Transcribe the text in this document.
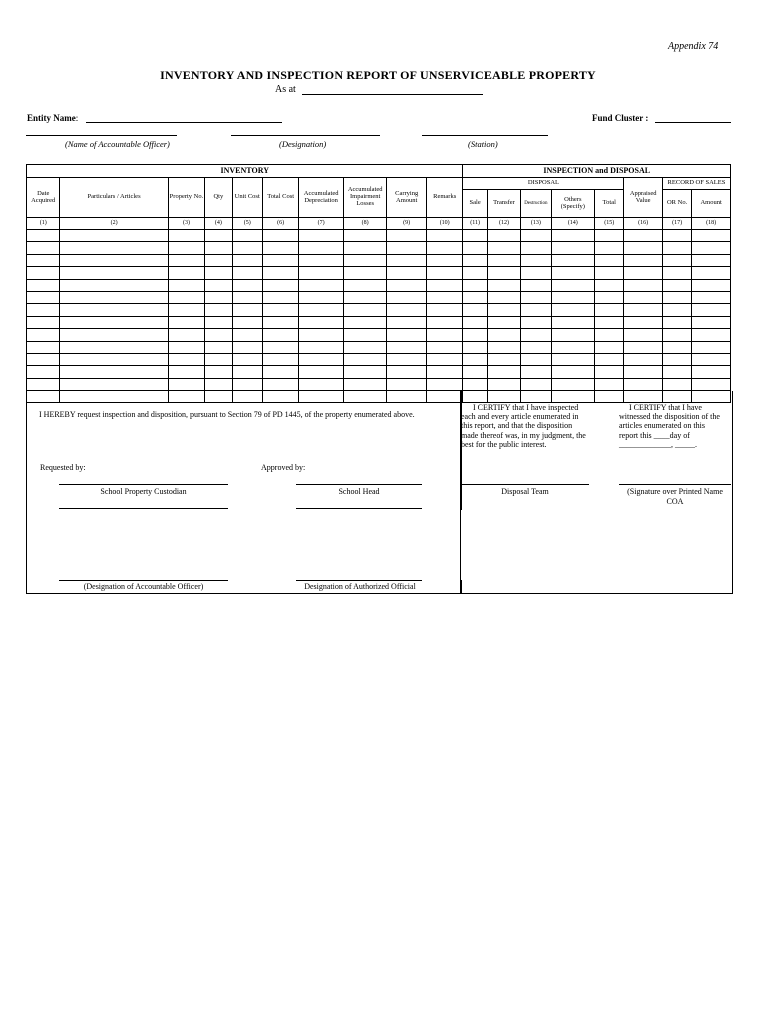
Appendix 74
INVENTORY AND INSPECTION REPORT OF UNSERVICEABLE PROPERTY
As at
Entity Name:	Fund Cluster :
(Name of Accountable Officer)	(Designation)	(Station)
INVENTORY										INSPECTION and DISPOSAL							
Date Acquired	Particulars / Articles	Property No.	Qty	Unit Cost	Total Cost	Accumulated Depreciation	Accumulated Impairment Losses	Carrying Amount	Remarks	DISPOSAL					Appraised Value	RECORD OF SALES	
										Sale	Transfer	Destruction	Others (Specify)	Total		OR No.	Amount
(1)	(2)	(3)	(4)	(5)	(6)	(7)	(8)	(9)	(10)	(11)	(12)	(13)	(14)	(15)	(16)	(17)	(18)

I HEREBY request inspection and disposition, pursuant to Section 79 of PD 1445, of the property enumerated above.
Requested by:	Approved by:
School Property Custodian	School Head
(Designation of Accountable Officer)	Designation of Authorized Official
I CERTIFY that I have inspected each and every article enumerated in this report, and that the disposition made thereof was, in my judgment, the best for the public interest.
I CERTIFY that I have witnessed the disposition of the articles enumerated on this report this ____day of _____________, _____.
Disposal Team	(Signature over Printed Name
COA
